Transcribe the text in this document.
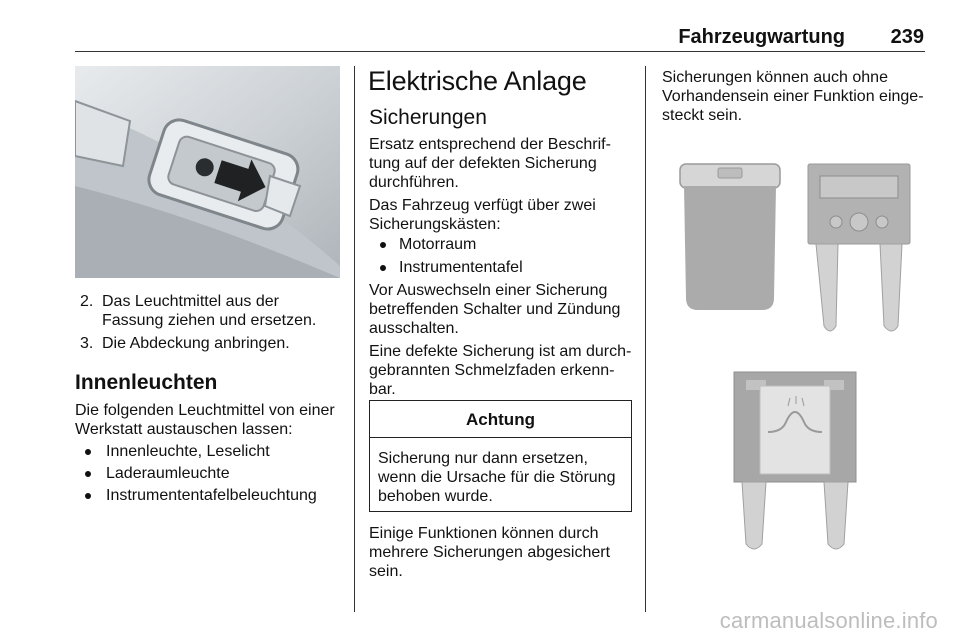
Fahrzeugwartung 239
2. Das Leuchtmittel aus der
Fassung ziehen und ersetzen.
3. Die Abdeckung anbringen.
Innenleuchten
Die folgenden Leuchtmittel von einer
Werkstatt austauschen lassen:
Innenleuchte, Leselicht
Laderaumleuchte
Instrumententafelbeleuchtung
Elektrische Anlage
Sicherungen
Ersatz entsprechend der Beschrif-
tung auf der defekten Sicherung
durchführen.
Das Fahrzeug verfügt über zwei
Sicherungskästen:
Motorraum
Instrumententafel
Vor Auswechseln einer Sicherung
betreffenden Schalter und Zündung
ausschalten.
Eine defekte Sicherung ist am durch-
gebrannten Schmelzfaden erkenn-
bar.
Achtung
Sicherung nur dann ersetzen,
wenn die Ursache für die Störung
behoben wurde.
Einige Funktionen können durch
mehrere Sicherungen abgesichert
sein.
Sicherungen können auch ohne
Vorhandensein einer Funktion einge-
steckt sein.
carmanualsonline.info
